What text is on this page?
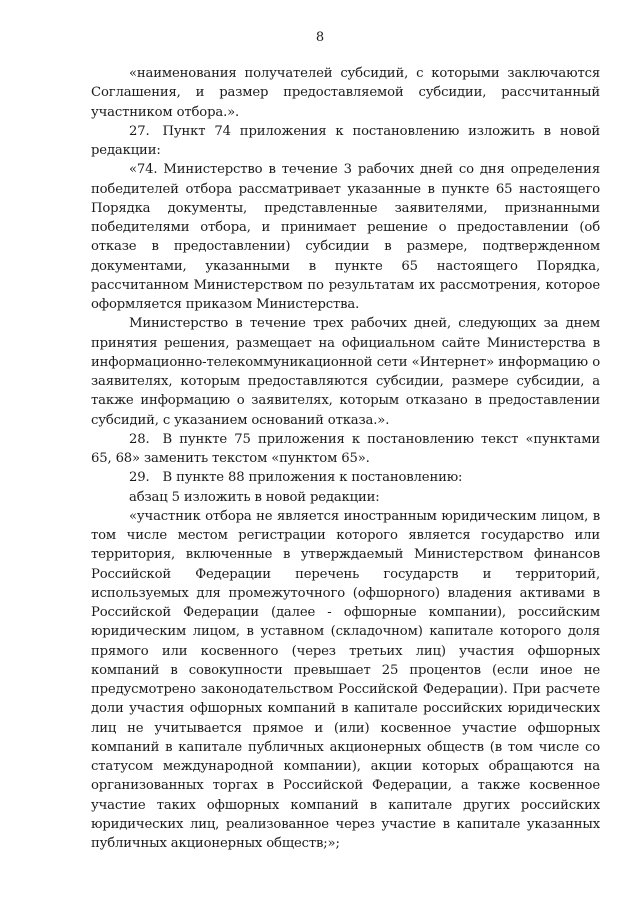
8

«наименования получателей субсидий, с которыми заключаются Соглашения, и размер предоставляемой субсидии, рассчитанный участником отбора.».

27. Пункт 74 приложения к постановлению изложить в новой редакции:

«74. Министерство в течение 3 рабочих дней со дня определения победителей отбора рассматривает указанные в пункте 65 настоящего Порядка документы, представленные заявителями, признанными победителями отбора, и принимает решение о предоставлении (об отказе в предоставлении) субсидии в размере, подтвержденном документами, указанными в пункте 65 настоящего Порядка, рассчитанном Министерством по результатам их рассмотрения, которое оформляется приказом Министерства.

Министерство в течение трех рабочих дней, следующих за днем принятия решения, размещает на официальном сайте Министерства в информационно-телекоммуникационной сети «Интернет» информацию о заявителях, которым предоставляются субсидии, размере субсидии, а также информацию о заявителях, которым отказано в предоставлении субсидий, с указанием оснований отказа.».

28. В пункте 75 приложения к постановлению текст «пунктами 65, 68» заменить текстом «пунктом 65».

29. В пункте 88 приложения к постановлению:

абзац 5 изложить в новой редакции:

«участник отбора не является иностранным юридическим лицом, в том числе местом регистрации которого является государство или территория, включенные в утверждаемый Министерством финансов Российской Федерации перечень государств и территорий, используемых для промежуточного (офшорного) владения активами в Российской Федерации (далее - офшорные компании), российским юридическим лицом, в уставном (складочном) капитале которого доля прямого или косвенного (через третьих лиц) участия офшорных компаний в совокупности превышает 25 процентов (если иное не предусмотрено законодательством Российской Федерации). При расчете доли участия офшорных компаний в капитале российских юридических лиц не учитывается прямое и (или) косвенное участие офшорных компаний в капитале публичных акционерных обществ (в том числе со статусом международной компании), акции которых обращаются на организованных торгах в Российской Федерации, а также косвенное участие таких офшорных компаний в капитале других российских юридических лиц, реализованное через участие в капитале указанных публичных акционерных обществ;»;
